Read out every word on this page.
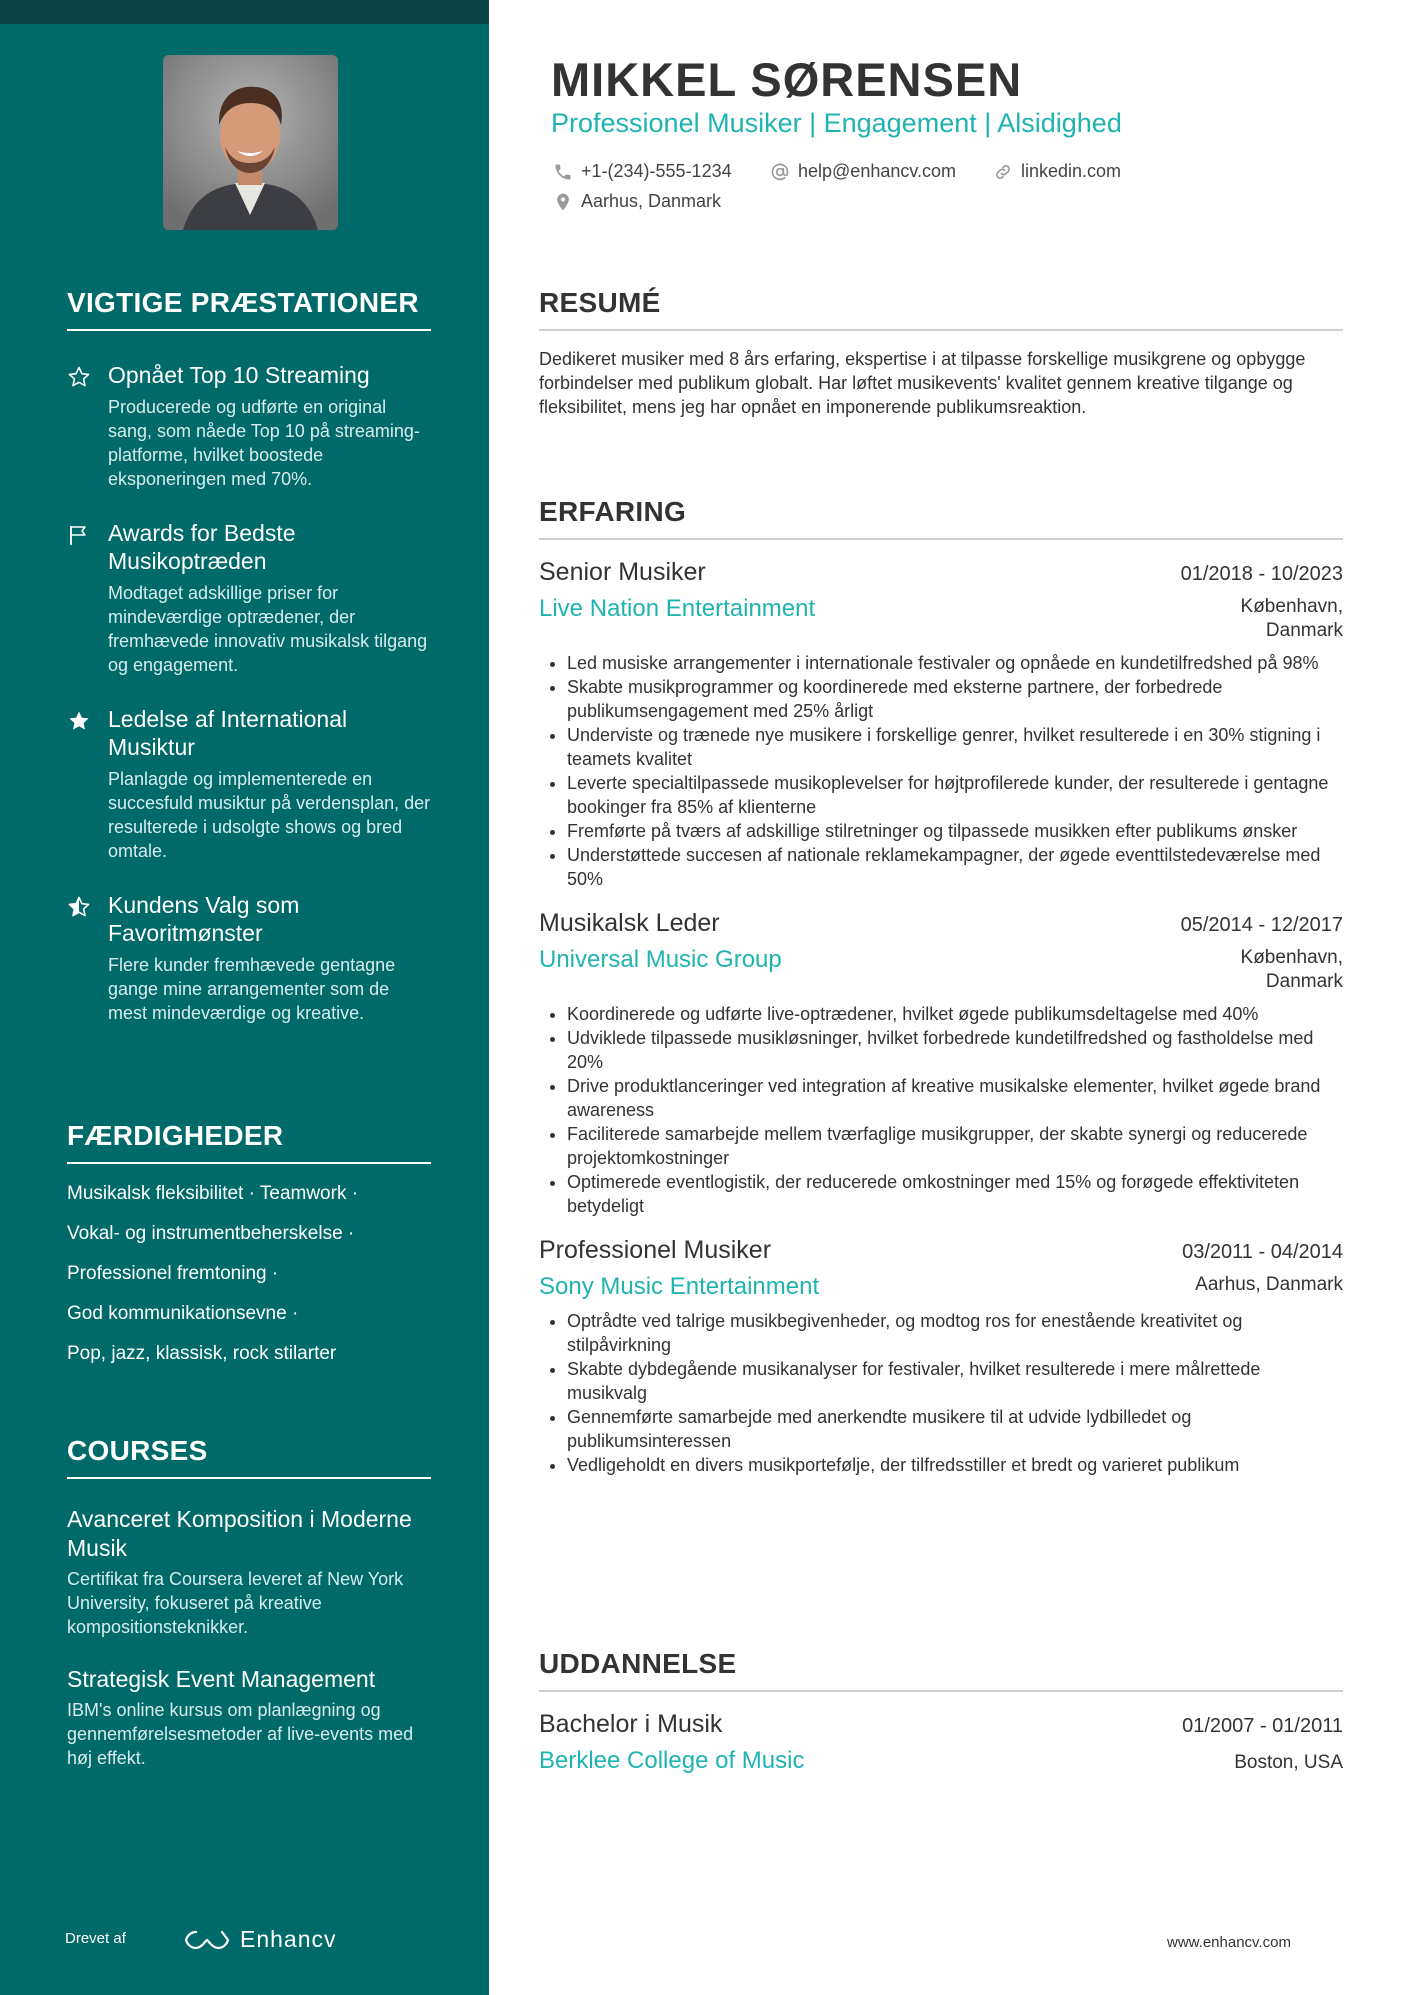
VIGTIGE PRÆSTATIONER
Opnået Top 10 Streaming
Producerede og udførte en original sang, som nåede Top 10 på streaming-platforme, hvilket boostede eksponeringen med 70%.
Awards for Bedste Musikoptræden
Modtaget adskillige priser for mindeværdige optrædener, der fremhævede innovativ musikalsk tilgang og engagement.
Ledelse af International Musiktur
Planlagde og implementerede en succesfuld musiktur på verdensplan, der resulterede i udsolgte shows og bred omtale.
Kundens Valg som Favoritmønster
Flere kunder fremhævede gentagne gange mine arrangementer som de mest mindeværdige og kreative.
FÆRDIGHEDER
Musikalsk fleksibilitet · Teamwork ·
Vokal- og instrumentbeherskelse ·
Professionel fremtoning ·
God kommunikationsevne ·
Pop, jazz, klassisk, rock stilarter
COURSES
Avanceret Komposition i Moderne Musik
Certifikat fra Coursera leveret af New York University, fokuseret på kreative kompositionsteknikker.
Strategisk Event Management
IBM's online kursus om planlægning og gennemførelsesmetoder af live-events med høj effekt.
Drevet af	Enhancv
MIKKEL SØRENSEN
Professionel Musiker | Engagement | Alsidighed
+1-(234)-555-1234	help@enhancv.com	linkedin.com
Aarhus, Danmark
RESUMÉ
Dedikeret musiker med 8 års erfaring, ekspertise i at tilpasse forskellige musikgrene og opbygge forbindelser med publikum globalt. Har løftet musikevents' kvalitet gennem kreative tilgange og fleksibilitet, mens jeg har opnået en imponerende publikumsreaktion.
ERFARING
Senior Musiker	01/2018 - 10/2023
Live Nation Entertainment	København, Danmark
• Led musiske arrangementer i internationale festivaler og opnåede en kundetilfredshed på 98%
• Skabte musikprogrammer og koordinerede med eksterne partnere, der forbedrede publikumsengagement med 25% årligt
• Underviste og trænede nye musikere i forskellige genrer, hvilket resulterede i en 30% stigning i teamets kvalitet
• Leverte specialtilpassede musikoplevelser for højtprofilerede kunder, der resulterede i gentagne bookinger fra 85% af klienterne
• Fremførte på tværs af adskillige stilretninger og tilpassede musikken efter publikums ønsker
• Understøttede succesen af nationale reklamekampagner, der øgede eventtilstedeværelse med 50%
Musikalsk Leder	05/2014 - 12/2017
Universal Music Group	København, Danmark
• Koordinerede og udførte live-optrædener, hvilket øgede publikumsdeltagelse med 40%
• Udviklede tilpassede musikløsninger, hvilket forbedrede kundetilfredshed og fastholdelse med 20%
• Drive produktlanceringer ved integration af kreative musikalske elementer, hvilket øgede brand awareness
• Faciliterede samarbejde mellem tværfaglige musikgrupper, der skabte synergi og reducerede projektomkostninger
• Optimerede eventlogistik, der reducerede omkostninger med 15% og forøgede effektiviteten betydeligt
Professionel Musiker	03/2011 - 04/2014
Sony Music Entertainment	Aarhus, Danmark
• Optrådte ved talrige musikbegivenheder, og modtog ros for enestående kreativitet og stilpåvirkning
• Skabte dybdegående musikanalyser for festivaler, hvilket resulterede i mere målrettede musikvalg
• Gennemførte samarbejde med anerkendte musikere til at udvide lydbilledet og publikumsinteressen
• Vedligeholdt en divers musikportefølje, der tilfredsstiller et bredt og varieret publikum
UDDANNELSE
Bachelor i Musik	01/2007 - 01/2011
Berklee College of Music	Boston, USA
www.enhancv.com
